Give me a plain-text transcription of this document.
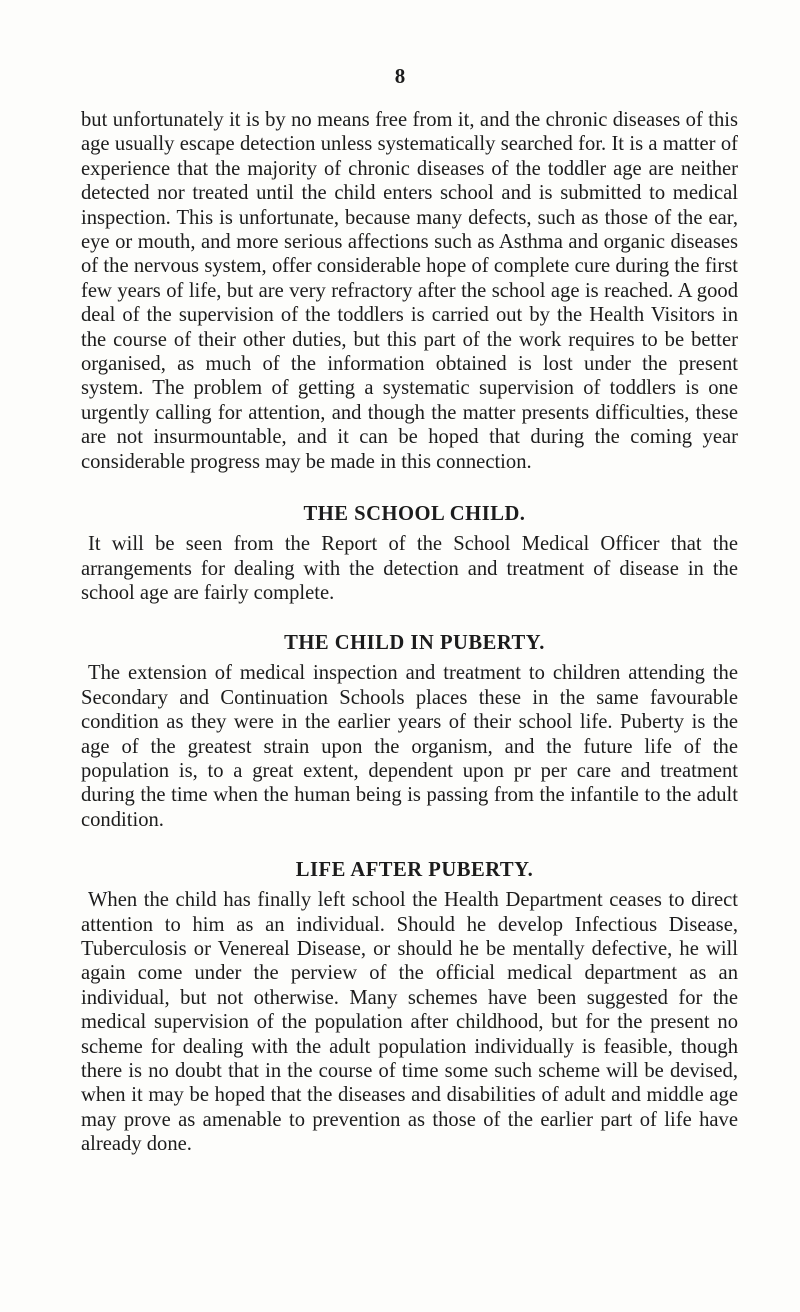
8

but unfortunately it is by no means free from it, and the chronic diseases of this age usually escape detection unless systematically searched for. It is a matter of experience that the majority of chronic diseases of the toddler age are neither detected nor treated until the child enters school and is submitted to medical inspection. This is unfortunate, because many defects, such as those of the ear, eye or mouth, and more serious affections such as Asthma and organic diseases of the nervous system, offer considerable hope of complete cure during the first few years of life, but are very refractory after the school age is reached. A good deal of the supervision of the toddlers is carried out by the Health Visitors in the course of their other duties, but this part of the work requires to be better organised, as much of the information obtained is lost under the present system. The problem of getting a systematic supervision of toddlers is one urgently calling for attention, and though the matter presents difficulties, these are not insurmountable, and it can be hoped that during the coming year considerable progress may be made in this connection.

THE SCHOOL CHILD.

It will be seen from the Report of the School Medical Officer that the arrangements for dealing with the detection and treatment of disease in the school age are fairly complete.

THE CHILD IN PUBERTY.

The extension of medical inspection and treatment to children attending the Secondary and Continuation Schools places these in the same favourable condition as they were in the earlier years of their school life. Puberty is the age of the greatest strain upon the organism, and the future life of the population is, to a great extent, dependent upon pr per care and treatment during the time when the human being is passing from the infantile to the adult condition.

LIFE AFTER PUBERTY.

When the child has finally left school the Health Department ceases to direct attention to him as an individual. Should he develop Infectious Disease, Tuberculosis or Venereal Disease, or should he be mentally defective, he will again come under the perview of the official medical department as an individual, but not otherwise. Many schemes have been suggested for the medical supervision of the population after childhood, but for the present no scheme for dealing with the adult population individually is feasible, though there is no doubt that in the course of time some such scheme will be devised, when it may be hoped that the diseases and disabilities of adult and middle age may prove as amenable to prevention as those of the earlier part of life have already done.
